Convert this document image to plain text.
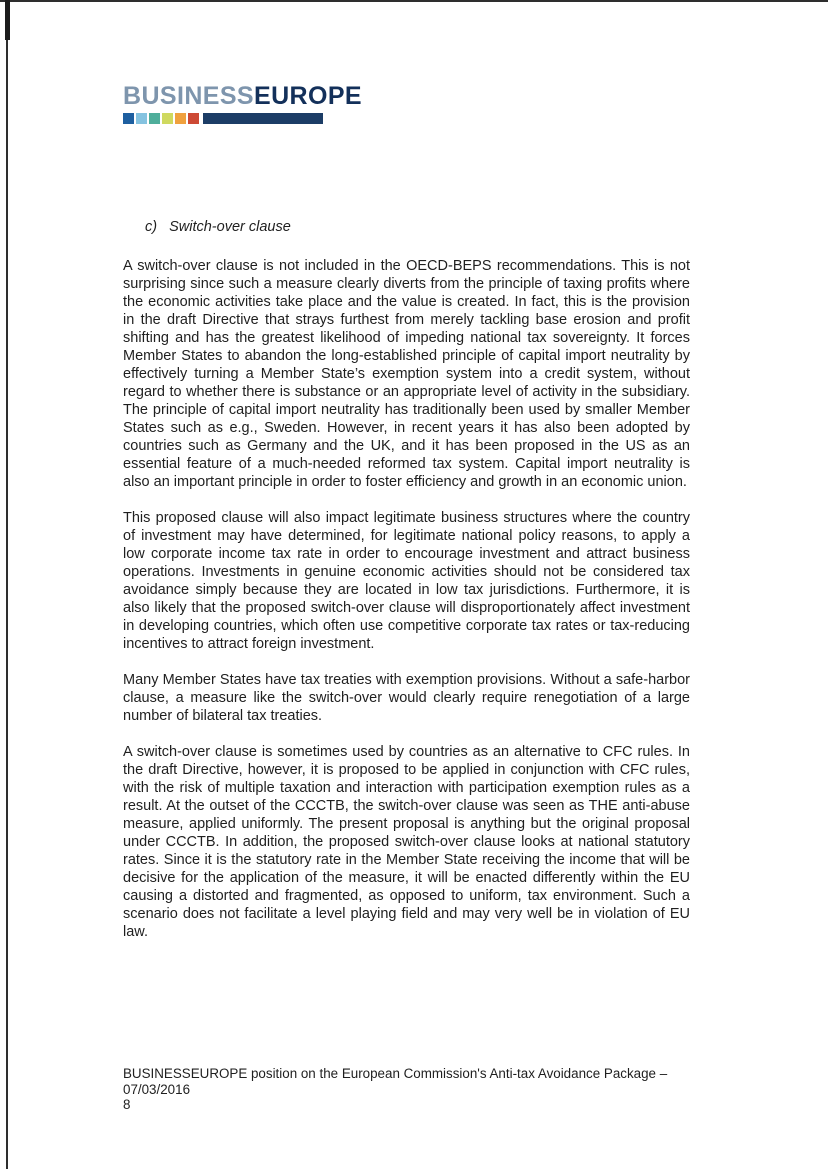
BUSINESSEUROPE
c) Switch-over clause

A switch-over clause is not included in the OECD-BEPS recommendations. This is not surprising since such a measure clearly diverts from the principle of taxing profits where the economic activities take place and the value is created. In fact, this is the provision in the draft Directive that strays furthest from merely tackling base erosion and profit shifting and has the greatest likelihood of impeding national tax sovereignty. It forces Member States to abandon the long-established principle of capital import neutrality by effectively turning a Member State’s exemption system into a credit system, without regard to whether there is substance or an appropriate level of activity in the subsidiary. The principle of capital import neutrality has traditionally been used by smaller Member States such as e.g., Sweden. However, in recent years it has also been adopted by countries such as Germany and the UK, and it has been proposed in the US as an essential feature of a much-needed reformed tax system. Capital import neutrality is also an important principle in order to foster efficiency and growth in an economic union.

This proposed clause will also impact legitimate business structures where the country of investment may have determined, for legitimate national policy reasons, to apply a low corporate income tax rate in order to encourage investment and attract business operations. Investments in genuine economic activities should not be considered tax avoidance simply because they are located in low tax jurisdictions. Furthermore, it is also likely that the proposed switch-over clause will disproportionately affect investment in developing countries, which often use competitive corporate tax rates or tax-reducing incentives to attract foreign investment.

Many Member States have tax treaties with exemption provisions. Without a safe-harbor clause, a measure like the switch-over would clearly require renegotiation of a large number of bilateral tax treaties.

A switch-over clause is sometimes used by countries as an alternative to CFC rules. In the draft Directive, however, it is proposed to be applied in conjunction with CFC rules, with the risk of multiple taxation and interaction with participation exemption rules as a result. At the outset of the CCCTB, the switch-over clause was seen as THE anti-abuse measure, applied uniformly. The present proposal is anything but the original proposal under CCCTB. In addition, the proposed switch-over clause looks at national statutory rates. Since it is the statutory rate in the Member State receiving the income that will be decisive for the application of the measure, it will be enacted differently within the EU causing a distorted and fragmented, as opposed to uniform, tax environment. Such a scenario does not facilitate a level playing field and may very well be in violation of EU law.

BUSINESSEUROPE position on the European Commission's Anti-tax Avoidance Package –
07/03/2016
8
